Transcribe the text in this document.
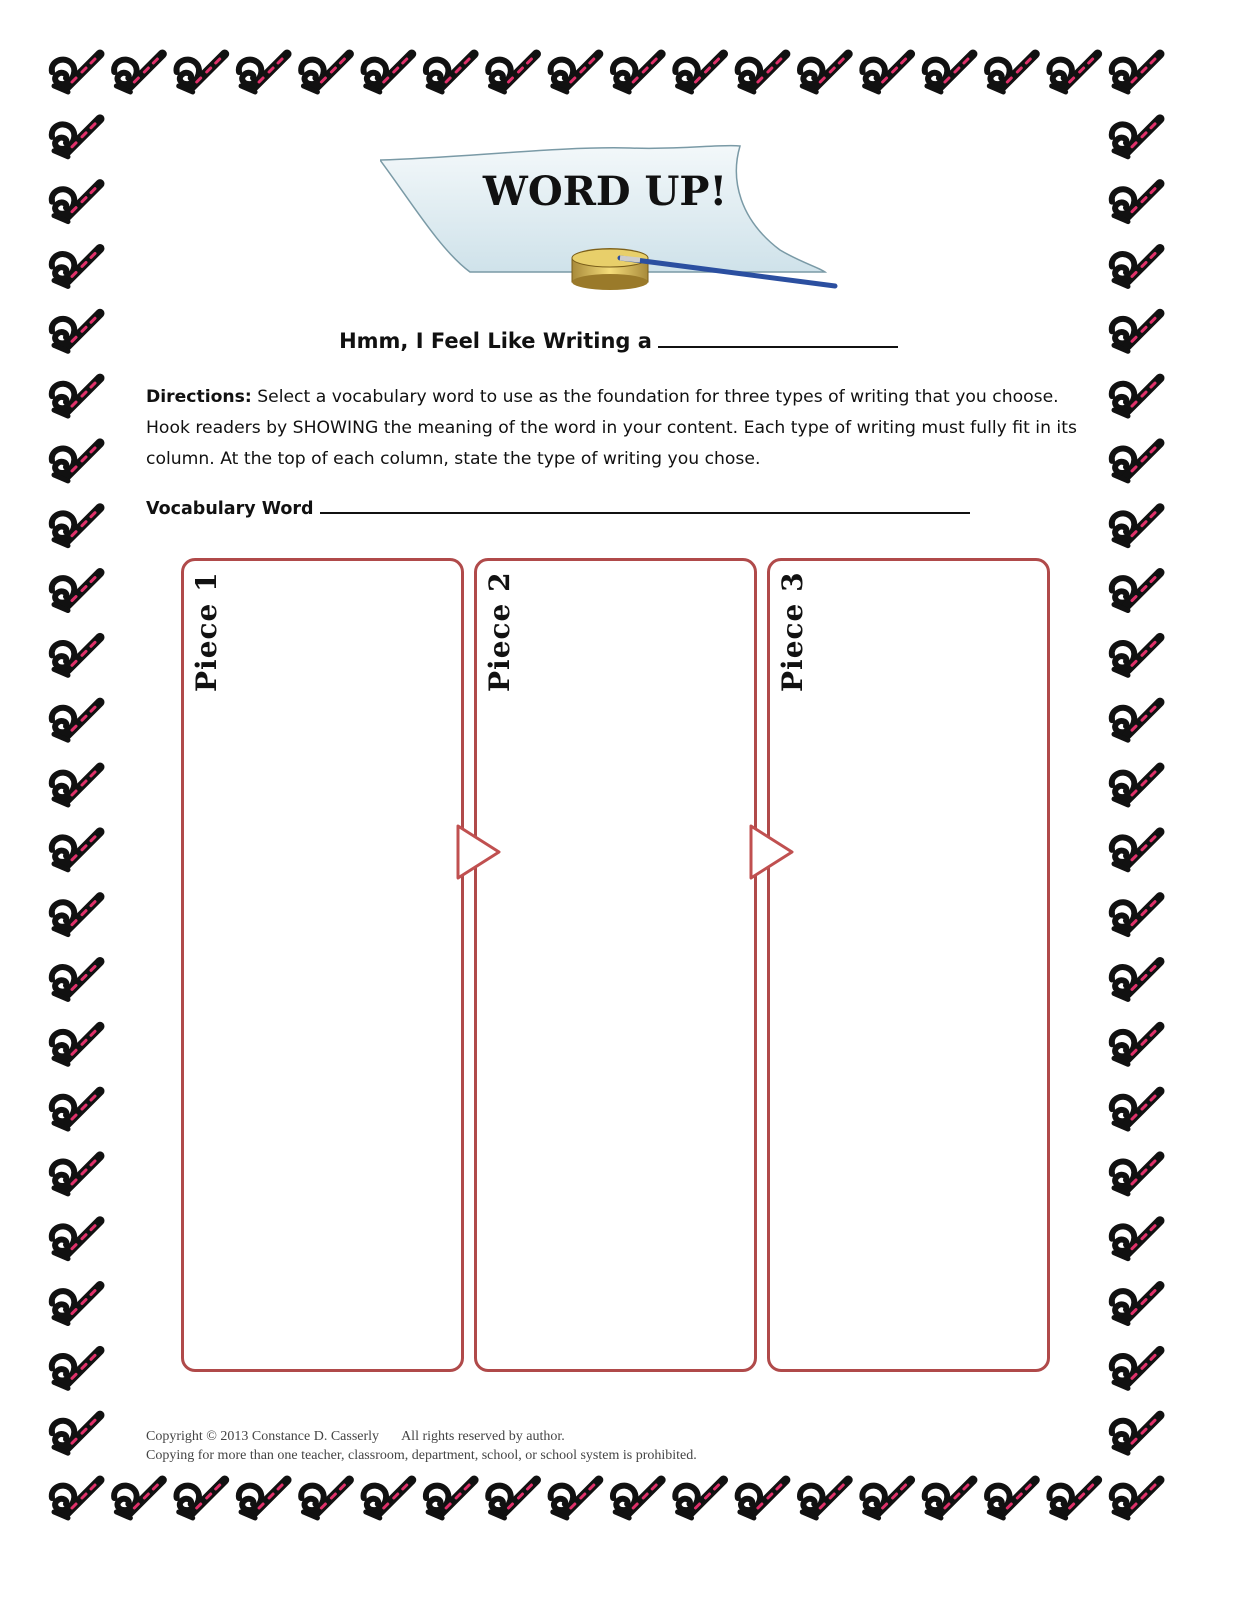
WORD UP!
Hmm, I Feel Like Writing a
Directions: Select a vocabulary word to use as the foundation for three types of writing that you choose. Hook readers by SHOWING the meaning of the word in your content. Each type of writing must fully fit in its column. At the top of each column, state the type of writing you chose.
Vocabulary Word
Piece 1	Piece 2	Piece 3
Copyright © 2013 Constance D. Casserly All rights reserved by author.
Copying for more than one teacher, classroom, department, school, or school system is prohibited.
